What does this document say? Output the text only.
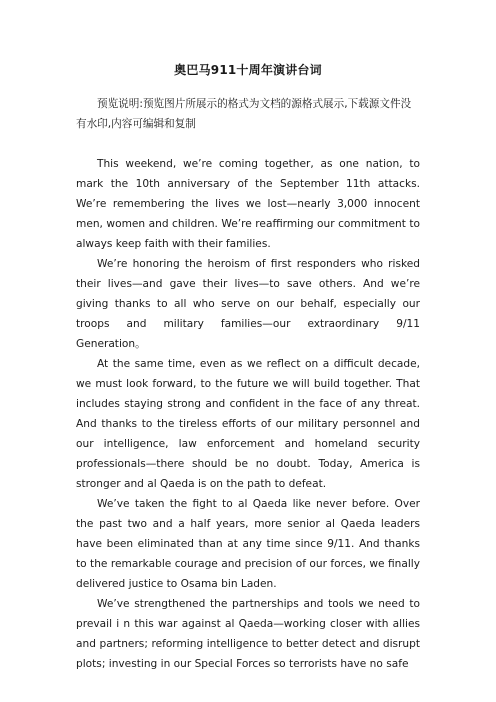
奥巴马911十周年演讲台词

预览说明:预览图片所展示的格式为文档的源格式展示,下载源文件没有水印,内容可编辑和复制

This weekend, we’re coming together, as one nation, to mark the 10th anniversary of the September 11th attacks. We’re remembering the lives we lost—nearly 3,000 innocent men, women and children. We’re reaffirming our commitment to always keep faith with their families.

We’re honoring the heroism of first responders who risked their lives—and gave their lives—to save others. And we’re giving thanks to all who serve on our behalf, especially our troops and military families—our extraordinary 9/11 Generation。

At the same time, even as we reflect on a difficult decade, we must look forward, to the future we will build together. That includes staying strong and confident in the face of any threat. And thanks to the tireless efforts of our military personnel and our intelligence, law enforcement and homeland security professionals—there should be no doubt. Today, America is stronger and al Qaeda is on the path to defeat.

We’ve taken the fight to al Qaeda like never before. Over the past two and a half years, more senior al Qaeda leaders have been eliminated than at any time since 9/11. And thanks to the remarkable courage and precision of our forces, we finally delivered justice to Osama bin Laden.

We’ve strengthened the partnerships and tools we need to prevail i n this war against al Qaeda—working closer with allies and partners; reforming intelligence to better detect and disrupt plots; investing in our Special Forces so terrorists have no safe
